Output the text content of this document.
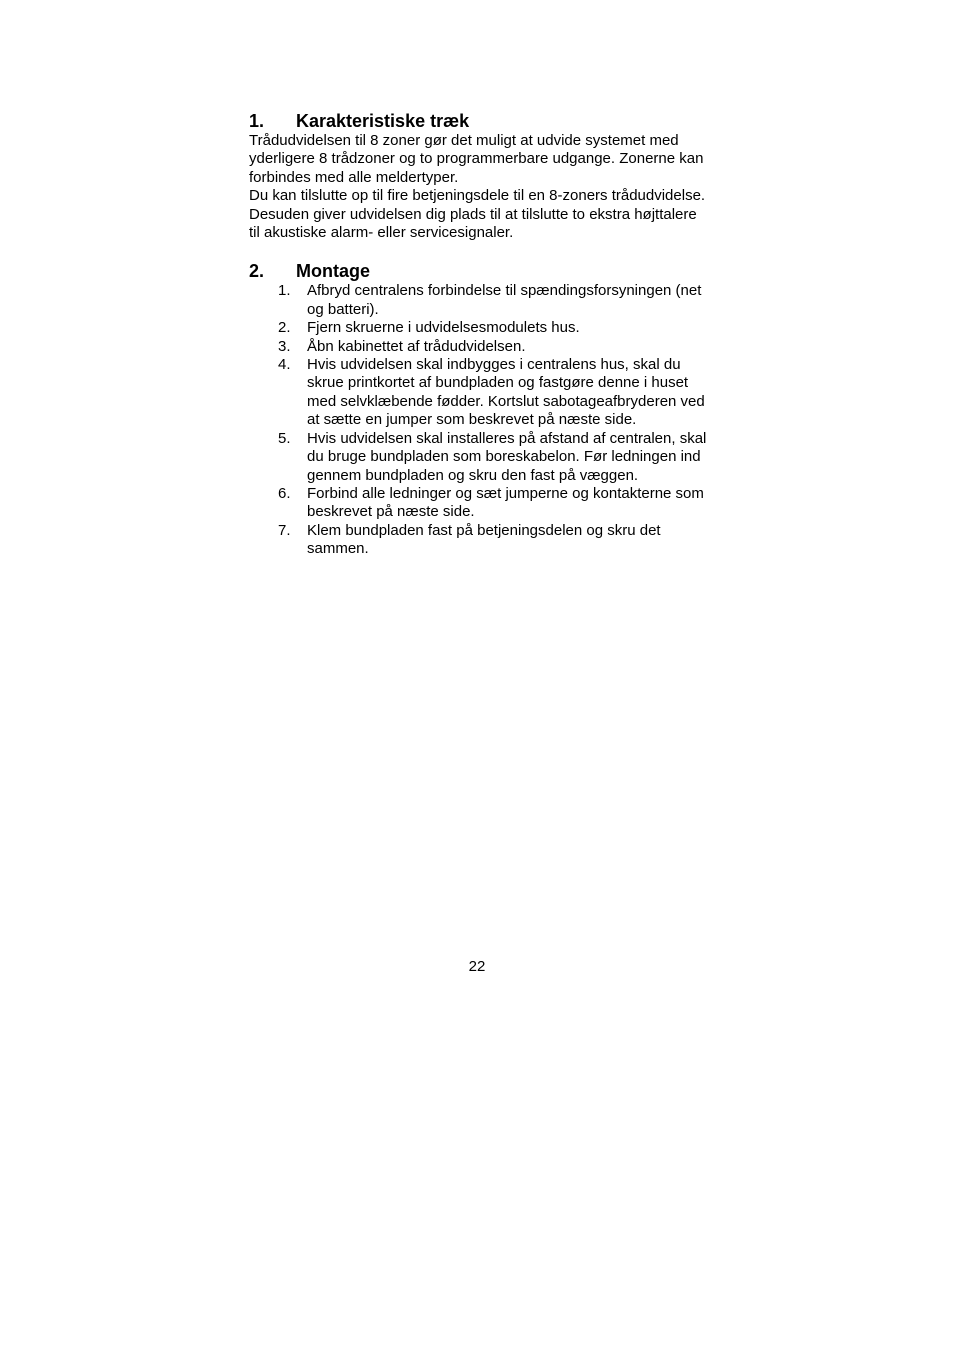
1.	Karakteristiske træk

Trådudvidelsen til 8 zoner gør det muligt at udvide systemet med yderligere 8 trådzoner og to programmerbare udgange. Zonerne kan forbindes med alle meldertyper.

Du kan tilslutte op til fire betjeningsdele til en 8-zoners trådudvidelse. Desuden giver udvidelsen dig plads til at tilslutte to ekstra højttalere til akustiske alarm- eller servicesignaler.

2.	Montage
1.	Afbryd centralens forbindelse til spændingsforsyningen (net og batteri).
2.	Fjern skruerne i udvidelsesmodulets hus.
3.	Åbn kabinettet af trådudvidelsen.
4.	Hvis udvidelsen skal indbygges i centralens hus, skal du skrue printkortet af bundpladen og fastgøre denne i huset med selvklæbende fødder. Kortslut sabotageafbryderen ved at sætte en jumper som beskrevet på næste side.
5.	Hvis udvidelsen skal installeres på afstand af centralen, skal du bruge bundpladen som boreskabelon. Før ledningen ind gennem bundpladen og skru den fast på væggen.
6.	Forbind alle ledninger og sæt jumperne og kontakterne som beskrevet på næste side.
7.	Klem bundpladen fast på betjeningsdelen og skru det sammen.
22
